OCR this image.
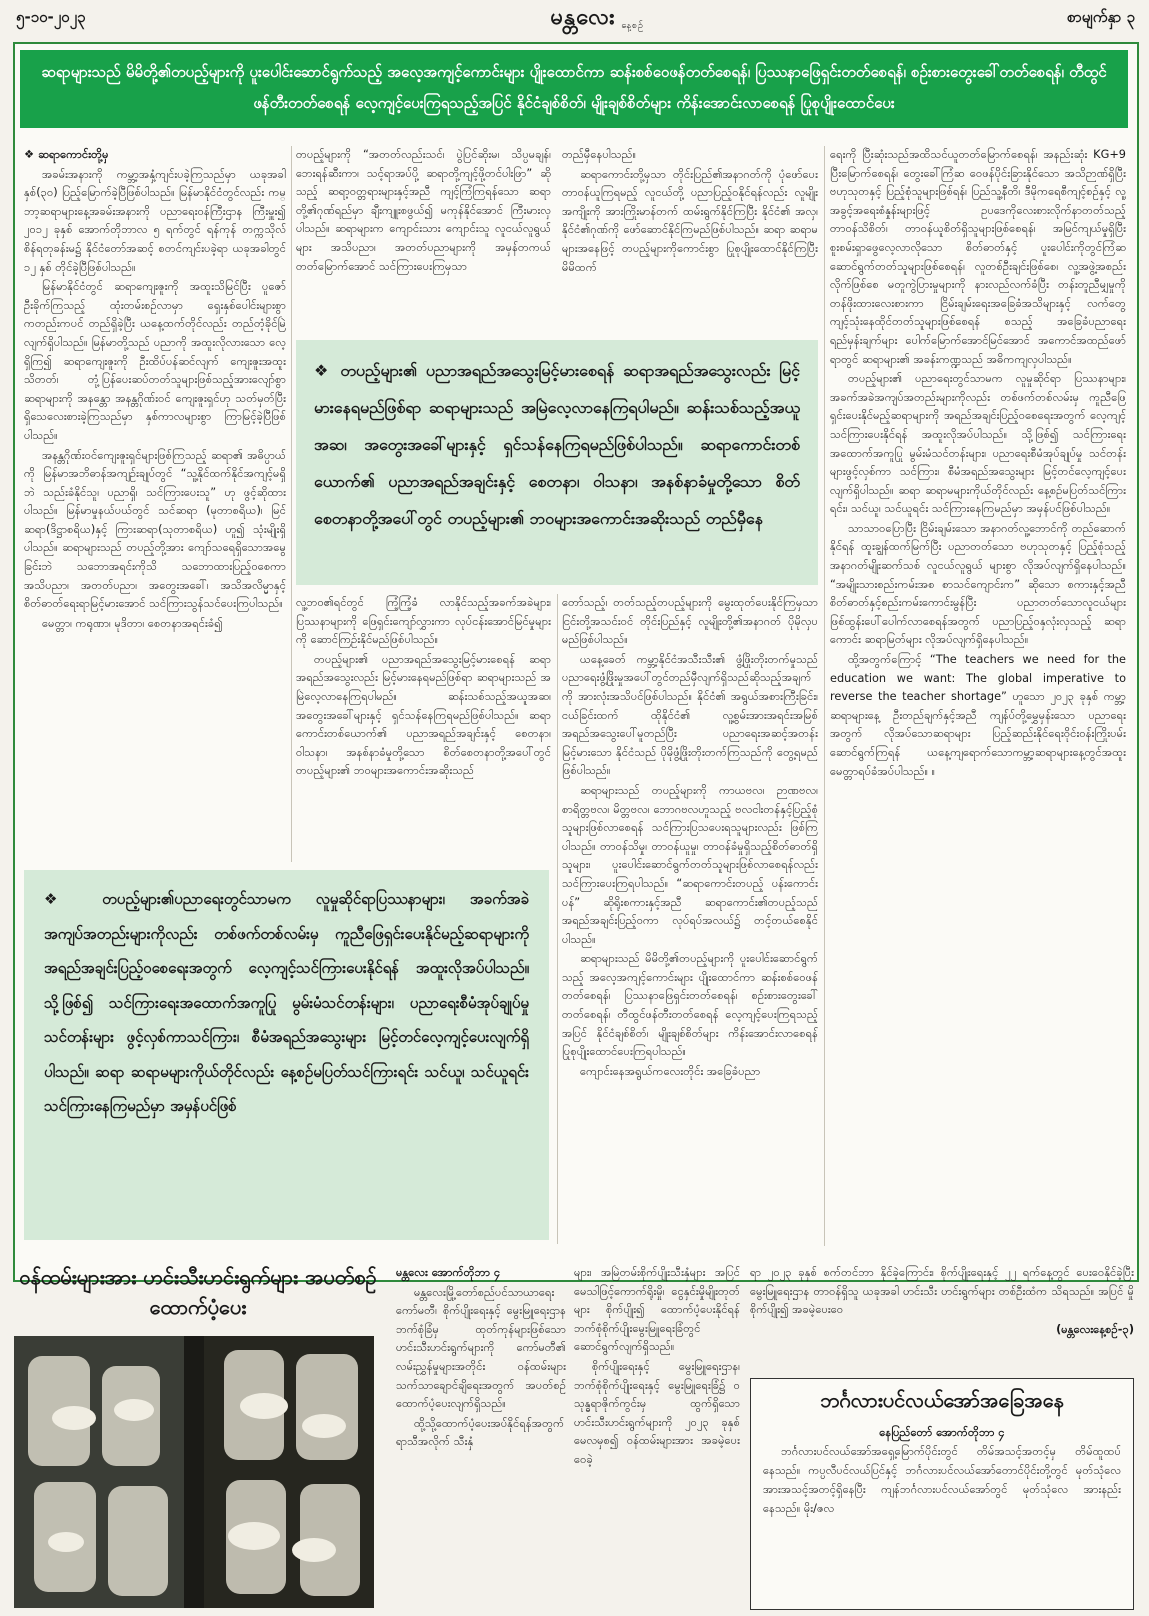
၅-၁၀-၂၀၂၃	မန္တလေး နေ့စဉ်	စာမျက်နှာ ၃
ဆရာများသည် မိမိတို့၏တပည့်များကို ပူးပေါင်းဆောင်ရွက်သည့် အလေ့အကျင့်ကောင်းများ ပျိုးထောင်ကာ ဆန်းစစ်ဝေဖန်တတ်စေရန်၊ ပြဿနာဖြေရှင်းတတ်စေရန်၊ စဉ်းစားတွေးခေါ်တတ်စေရန်၊ တီထွင်ဖန်တီးတတ်စေရန် လေ့ကျင့်ပေးကြရသည့်အပြင် နိုင်ငံချစ်စိတ်၊ မျိုးချစ်စိတ်များ ကိန်းအောင်းလာစေရန် ပြုစုပျိုးထောင်ပေး

❖ ဆရာကောင်းတို့မှ

အခမ်းအနားကို ကမ္ဘာ့အနှံ့ကျင်းပခဲ့ကြသည်မှာ ယခုအခါ နှစ်(၃၀) ပြည့်မြောက်ခဲ့ပြီဖြစ်ပါသည်။ မြန်မာနိုင်ငံတွင်လည်း ကမ္ဘာ့ဆရာများနေ့အခမ်းအနားကို ပညာရေးဝန်ကြီးဌာန ကြီးမှူး၍ ၂၀၁၂ ခုနှစ် အောက်တိုဘာလ ၅ ရက်တွင် ရန်ကုန် တက္ကသိုလ်စိန်ရတုခန်းမ၌ နိုင်ငံတော်အဆင့် စတင်ကျင်းပခဲ့ရာ ယခုအခါတွင် ၁၂ နှစ် တိုင်ခဲ့ပြီဖြစ်ပါသည်။

မြန်မာနိုင်ငံတွင် ဆရာကျေးဇူးကို အထူးသိမြင်ပြီး ပူဇော်ဦးခိုက်ကြသည့် ထုံးတမ်းစဉ်လာမှာ ရှေးနှစ်ပေါင်းများစွာကတည်းကပင် တည်ရှိခဲ့ပြီး ယနေ့ထက်တိုင်လည်း တည်တံ့ခိုင်မြဲလျက်ရှိပါသည်။ မြန်မာတို့သည် ပညာကို အထူးလိုလားသော လေ့ရှိကြ၍ ဆရာကျေးဇူးကို ဦးထိပ်ပန်ဆင်လျက် ကျေးဇူးအထူးသိတတ်၊ တုံ့ပြန်ပေးဆပ်တတ်သူများဖြစ်သည့်အားလျော်စွာ ဆရာများကို အနန္တော အနန္တဂိုဏ်းဝင် ကျေးဇူးရှင်ဟု သတ်မှတ်ပြီး ရှိသေလေးစားခဲ့ကြသည်မှာ နှစ်ကာလများစွာ ကြာမြင့်ခဲ့ပြီဖြစ်ပါသည်။

အနန္တဂိုဏ်းဝင်ကျေးဇူးရှင်များဖြစ်ကြသည့် ဆရာ၏ အဓိပ္ပာယ်ကို မြန်မာအဘိဓာန်အကျဉ်းချုပ်တွင် “သူ့နိုင်ထက်နိုင်အကျင့်မရှိဘဲ သည်းခံနိုင်သူ၊ ပညာရှိ၊ သင်ကြားပေးသူ” ဟု ဖွင့်ဆိုထားပါသည်။ မြန်မာမှုနယ်ပယ်တွင် သင်ဆရာ (မုတာစရိယ)၊ မြင်ဆရာ(ဒိဋ္ဌာစရိယ)နှင့် ကြားဆရာ(သုတာစရိယ) ဟူ၍ သုံးမျိုးရှိပါသည်။ ဆရာများသည် တပည့်တို့အား ကျော်သရေရှိသောအမွေခြင်းဘဲ သဘောအရင်းကိုသိ သဘောထားပြည့်ဝစေကာ အသိပညာ၊ အတတ်ပညာ၊ အတွေးအခေါ်၊ အသိအလိမ္မာနှင့် စိတ်ဓာတ်ရေးရာမြင့်မားအောင် သင်ကြားသွန်သင်ပေးကြပါသည်။

မေတ္တာ၊ ကရုဏာ၊ မုဒိတာ၊ စေတနာအရင်းခံ၍

တပည့်များကို “အတတ်လည်းသင်၊ ပွဲပြင်ဆိုးမ၊ သိပ္ပမချန်၊ ဘေးရန်ဆီးကာ၊ သင့်ရာအပ်ပို့ ဆရာတို့ကျင့်ဖို့တင်ပါးဖြာ” ဆိုသည့် ဆရာ့ဝတ္တရားများနှင့်အညီ ကျင့်ကြံကြရန်သော ဆရာတို့၏ဂုဏ်ရည်မှာ ချီးကျူးစဖွယ်၍ မကုန်နိုင်အောင် ကြီးမားလှပါသည်။ ဆရာများက ကျောင်းသား ကျောင်းသူ လူငယ်လူရွယ်များ အသိပညာ၊ အတတ်ပညာများကို အမှန်တကယ်တတ်မြောက်အောင် သင်ကြားပေးကြမှသာ

တည်မှီနေပါသည်။

ဆရာကောင်းတို့မှသာ တိုင်းပြည်၏အနာဂတ်ကို ပုံဖော်ပေးတာဝန်ယူကြရမည့် လူငယ်တို့ ပညာပြည့်ဝနိုင်ရန်လည်း လူမျိုးအကျိုးကို အားကြိုးမာန်တက် ထမ်းရွက်နိုင်ကြပြီး နိုင်ငံ၏ အလှ၊ နိုင်ငံ၏ဂုဏ်ကို ဖော်ဆောင်နိုင်ကြမည်ဖြစ်ပါသည်။ ဆရာ ဆရာမများအနေဖြင့် တပည့်များကိုကောင်းစွာ ပြုစုပျိုးထောင်နိုင်ကြပြီး မိမိထက်

❖ တပည့်များ၏ ပညာအရည်အသွေးမြင့်မားစေရန် ဆရာအရည်အသွေးလည်း မြင့်မားနေရမည်ဖြစ်ရာ ဆရာများသည် အမြဲလေ့လာနေကြရပါမည်။ ဆန်းသစ်သည့်အယူအဆ၊ အတွေးအခေါ်များနှင့် ရှင်သန်နေကြရမည်ဖြစ်ပါသည်။ ဆရာကောင်းတစ်ယောက်၏ ပညာအရည်အချင်းနှင့် စေတနာ၊ ဝါသနာ၊ အနစ်နာခံမှုတို့သော စိတ်စေတနာတို့အပေါ်တွင် တပည့်များ၏ ဘဝများအကောင်းအဆိုးသည် တည်မှီနေ

လူ့ဘဝ၏ရင်တွင် ကြံ့ကြံ့ခံ လာနိုင်သည့်အခက်အခဲများ၊ ပြဿနာများကို ဖြေရှင်းကျော်လွှားကာ လုပ်ငန်းအောင်မြင်မှုများကို ဆောင်ကြဉ်းနိုင်မည်ဖြစ်ပါသည်။

တပည့်များ၏ ပညာအရည်အသွေးမြင့်မားစေရန် ဆရာအရည်အသွေးလည်း မြင့်မားနေရမည်ဖြစ်ရာ ဆရာများသည် အမြဲလေ့လာနေကြရပါမည်။ ဆန်းသစ်သည့်အယူအဆ၊ အတွေးအခေါ်များနှင့် ရှင်သန်နေကြရမည်ဖြစ်ပါသည်။ ဆရာကောင်းတစ်ယောက်၏ ပညာအရည်အချင်းနှင့် စေတနာ၊ ဝါသနာ၊ အနစ်နာခံမှုတို့သော စိတ်စေတနာတို့အပေါ်တွင် တပည့်များ၏ ဘဝများအကောင်းအဆိုးသည်

တော်သည့်၊ တတ်သည့်တပည့်များကို မွေးထုတ်ပေးနိုင်ကြမှသာ ငြင်းတို့အသင်းဝင် တိုင်းပြည်နှင့် လူမျိုးတို့၏အနာဂတ် ပိုမိုလှပမည်ဖြစ်ပါသည်။

ယနေ့ခေတ် ကမ္ဘာ့နိုင်ငံအသီးသီး၏ ဖွံ့ဖြိုးတိုးတက်မှုသည် ပညာရေးဖွံ့ဖြိုးမှုအပေါ်တွင်တည်မှီလျက်ရှိသည်ဆိုသည့်အချက်ကို အားလုံးအသိပင်ဖြစ်ပါသည်။ နိုင်ငံ၏ အရွယ်အစားကြီးခြင်း၊ ငယ်ခြင်းထက် ထိုနိုင်ငံ၏ လူ့စွမ်းအားအရင်းအမြစ် အရည်အသွေးပေါ်မူတည်ပြီး ပညာရေးအဆင့်အတန်းမြင့်မားသော နိုင်ငံသည် ပိုမိုဖွံ့ဖြိုးတိုးတက်ကြသည်ကို တွေ့ရမည်ဖြစ်ပါသည်။

ဆရာများသည် တပည့်များကို ကာယဗလ၊ ဉာဏဗလ၊ စာရိတ္တဗလ၊ မိတ္တဗလ၊ ဘောဂဗလဟူသည့် ဗလငါးတန်နှင့်ပြည့်စုံသူများဖြစ်လာစေရန် သင်ကြားပြသပေးရသူများလည်း ဖြစ်ကြပါသည်။ တာဝန်သိမှု၊ တာဝန်ယူမှု၊ တာဝန်ခံမှုရှိသည့်စိတ်ဓာတ်ရှိသူများ၊ ပူးပေါင်းဆောင်ရွက်တတ်သူများဖြစ်လာစေရန်လည်း သင်ကြားပေးကြရပါသည်။ “ဆရာကောင်းတပည့် ပန်းကောင်းပန်” ဆိုရိုးစကားနှင့်အညီ ဆရာကောင်း၏တပည့်သည် အရည်အချင်းပြည့်ဝကာ လုပ်ရပ်အလယ်၌ တင့်တယ်စေနိုင်ပါသည်။

ဆရာများသည် မိမိတို့၏တပည့်များကို ပူးပေါင်းဆောင်ရွက်သည့် အလေ့အကျင့်ကောင်းများ ပျိုးထောင်ကာ ဆန်းစစ်ဝေဖန်တတ်စေရန်၊ ပြဿနာဖြေရှင်းတတ်စေရန်၊ စဉ်းစားတွေးခေါ်တတ်စေရန်၊ တီထွင်ဖန်တီးတတ်စေရန် လေ့ကျင့်ပေးကြရသည့်အပြင် နိုင်ငံချစ်စိတ်၊ မျိုးချစ်စိတ်များ ကိန်းအောင်းလာစေရန် ပြုစုပျိုးထောင်ပေးကြရပါသည်။

ကျောင်းနေအရွယ်ကလေးတိုင်း အခြေခံပညာ

ရေးကို ပြီးဆုံးသည်အထိသင်ယူတတ်မြောက်စေရန်၊ အနည်းဆုံး KG+9 ပြီးမြောက်စေရန်၊ တွေးခေါ်ကြံဆ ဝေဖန်ပိုင်းခြားနိုင်သော အသိဉာဏ်ရှိပြီး ဗဟုသုတနှင့် ပြည့်စုံသူများဖြစ်ရန်၊ ပြည်သူ့နီတိ၊ ဒီမိုကရေစီကျင့်စဉ်နှင့် လူ့အခွင့်အရေးစံနှုန်းများဖြင့် ဥပဒေကိုလေးစားလိုက်နာတတ်သည့် တာဝန်သိစိတ်၊ တာဝန်ယူစိတ်ရှိသူများဖြစ်စေရန်၊ အမြင်ကျယ်မှုရှိပြီး စူးစမ်းရှာဖွေလေ့လာလိုသော စိတ်ဓာတ်နှင့် ပူးပေါင်းကိုတွင်ကြံဆ ဆောင်ရွက်တတ်သူများဖြစ်စေရန်၊ လူတစ်ဦးချင်းဖြစ်စေ၊ လူ့အဖွဲ့အစည်းလိုက်ဖြစ်စေ မတူကွဲပြားမှုများကို နားလည်လက်ခံပြီး တန်းတူညီမျှမှုကို တန်ဖိုးထားလေးစားကာ ငြိမ်းချမ်းရေးအခြေခံအသိများနှင့် လက်တွေ့ကျင့်သုံးနေထိုင်တတ်သူများဖြစ်စေရန် စသည့် အခြေခံပညာရေးရည်မှန်းချက်များ ပေါက်မြောက်အောင်မြင်အောင် အကောင်အထည်ဖော်ရာတွင် ဆရာများ၏ အခန်းကဏ္ဍသည် အဓိကကျလှပါသည်။

တပည့်များ၏ ပညာရေးတွင်သာမက လူမှုဆိုင်ရာ ပြဿနာများ၊ အခက်အခဲအကျပ်အတည်းများကိုလည်း တစ်ဖက်တစ်လမ်းမှ ကူညီဖြေရှင်းပေးနိုင်မည့်ဆရာများကို အရည်အချင်းပြည့်ဝစေရေးအတွက် လေ့ကျင့်သင်ကြားပေးနိုင်ရန် အထူးလိုအပ်ပါသည်။ သို့ဖြစ်၍ သင်ကြားရေးအထောက်အကူပြု မွမ်းမံသင်တန်းများ၊ ပညာရေးစီမံအုပ်ချုပ်မှု သင်တန်းများဖွင့်လှစ်ကာ သင်ကြား၊ စီမံအရည်အသွေးများ မြင့်တင်လေ့ကျင့်ပေးလျက်ရှိပါသည်။ ဆရာ ဆရာမများကိုယ်တိုင်လည်း နေ့စဉ်မပြတ်သင်ကြားရင်း၊ သင်ယူ၊ သင်ယူရင်း သင်ကြားနေကြမည်မှာ အမှန်ပင်ဖြစ်ပါသည်။

သာသာဝပြောပြီး ငြိမ်းချမ်းသော အနာဂတ်လူ့ဘောင်ကို တည်ဆောက်နိုင်ရန် ထူးချွန်ထက်မြက်ပြီး ပညာတတ်သော ဗဟုသုတနှင့် ပြည့်စုံသည့်အနာဂတ်မျိုးဆက်သစ် လူငယ်လူရွယ် များစွာ လိုအပ်လျက်ရှိနေပါသည်။ “အမျိုးသားစည်းကမ်းအစ စာသင်ကျောင်းက” ဆိုသော စကားနှင့်အညီ စိတ်ဓာတ်နှင့်စည်းကမ်းကောင်းမွန်ပြီး ပညာတတ်သောလူငယ်များ ဖြစ်ထွန်းပေါ်ပေါက်လာစေရန်အတွက် ပညာပြည့်ဝနှလုံးလှသည့် ဆရာကောင်း ဆရာမြတ်များ လိုအပ်လျက်ရှိနေပါသည်။

ထို့အတွက်ကြောင့် “The teachers we need for the education we want: The global imperative to reverse the teacher shortage” ဟူသော ၂၀၂၃ ခုနှစ် ကမ္ဘာ့ဆရာများနေ့ ဦးတည်ချက်နှင့်အညီ ကျန်ပ်တို့မွှေမှန်းသော ပညာရေးအတွက် လိုအပ်သောဆရာများ ပြည့်ဆည်းနိုင်ရေးဝိုင်းဝန်းကြိုးပမ်းဆောင်ရွက်ကြရန် ယနေ့ကျရောက်သောကမ္ဘာ့ဆရာများနေ့တွင်အထူးမေတ္တာရပ်ခံအပ်ပါသည်။ ။

❖ တပည့်များ၏ပညာရေးတွင်သာမက လူမှုဆိုင်ရာပြဿနာများ၊ အခက်အခဲအကျပ်အတည်းများကိုလည်း တစ်ဖက်တစ်လမ်းမှ ကူညီဖြေရှင်းပေးနိုင်မည့်ဆရာများကို အရည်အချင်းပြည့်ဝစေရေးအတွက် လေ့ကျင့်သင်ကြားပေးနိုင်ရန် အထူးလိုအပ်ပါသည်။ သို့ဖြစ်၍ သင်ကြားရေးအထောက်အကူပြု မွမ်းမံသင်တန်းများ၊ ပညာရေးစီမံအုပ်ချုပ်မှု သင်တန်းများ ဖွင့်လှစ်ကာသင်ကြား၊ စီမံအရည်အသွေးများ မြင့်တင်လေ့ကျင့်ပေးလျက်ရှိပါသည်။ ဆရာ ဆရာမများကိုယ်တိုင်လည်း နေ့စဉ်မပြတ်သင်ကြားရင်း သင်ယူ၊ သင်ယူရင်း သင်ကြားနေကြမည်မှာ အမှန်ပင်ဖြစ်
ဝန်ထမ်းများအား ဟင်းသီးဟင်းရွက်များ အပတ်စဉ်ထောက်ပံ့ပေး

မန္တလေး အောက်တိုဘာ ၄

မန္တလေးမြို့တော်စည်ပင်သာယာရေးကော်မတီ၊ စိုက်ပျိုးရေးနှင့် မွေးမြူရေးဌာန ဘက်စုံခြံမှ ထုတ်ကုန်များဖြစ်သော ဟင်းသီးဟင်းရွက်များကို ကော်မတီ၏ လမ်းညွှန်မှုများအတိုင်း ဝန်ထမ်းများ သက်သာချောင်ချိရေးအတွက် အပတ်စဉ် ထောက်ပံ့ပေးလျက်ရှိသည်။

ထို့သို့ထောက်ပံ့ပေးအပ်နိုင်ရန်အတွက် ရာသီအလိုက် သီးနှံ

များ၊ အမြဲတမ်းစိုက်ပျိုးသီးနှံများ အပြင် မေသါဖြင့်ကောက်ရိုးမှို၊ ငွေနှင်းမှိုမျိုးတုတ်များ စိုက်ပျိုး၍ ထောက်ပံ့ပေးနိုင်ရန် ဘက်စုံစိုက်ပျိုးမွေးမြူရေးခြံတွင် ဆောင်ရွက်လျက်ရှိသည်။

စိုက်ပျိုးရေးနှင့် မွေးမြူရေးဌာန၊ ဘက်စုံစိုက်ပျိုးရေးနှင့် မွေးမြူရေးခြံ၌ ဝသုန္ဓရာဇိုက်ကွင်းမှ ထွက်ရှိသော ဟင်းသီးဟင်းရွက်များကို ၂၀၂၃ ခုနှစ် မေလမှစ၍ ဝန်ထမ်းများအား အခမဲ့ပေးဝေခဲ့

ရာ ၂၀၂၃ ခုနှစ် စက်တင်ဘာ နိုင်ခဲ့ကြောင်း၊ စိုက်ပျိုးရေးနှင့် ၂၂ ရက်နေ့တွင် ပေးဝေနိုင်ခဲ့ပြီး မွေးမြူရေးဌာန တာဝန်ရှိသူ ယခုအခါ ဟင်းသီး ဟင်းရွက်များ တစ်ဦးထံက သိရသည်။ အပြင် မှိုစိုက်ပျိုး၍ အခမဲ့ပေးဝေ

(မန္တလေးနေ့စဉ်-၃)

ဘင်္ဂလားပင်လယ်အော်အခြေအနေ
နေပြည်တော် အောက်တိုဘာ ၄
ဘင်္ဂလားပင်လယ်အော်အရှေ့မြောက်ပိုင်းတွင် တိမ်အသင့်အတင့်မှ တိမ်ထူထပ်နေသည်။ ကပ္ပလီပင်လယ်ပြင်နှင့် ဘင်္ဂလားပင်လယ်အော်တောင်ပိုင်းတို့တွင် မုတ်သုံလေ အားအသင့်အတင့်ရှိနေပြီး ကျန်ဘင်္ဂလားပင်လယ်အော်တွင် မုတ်သုံလေ အားနည်းနေသည်။ မိုး/ဇလ
